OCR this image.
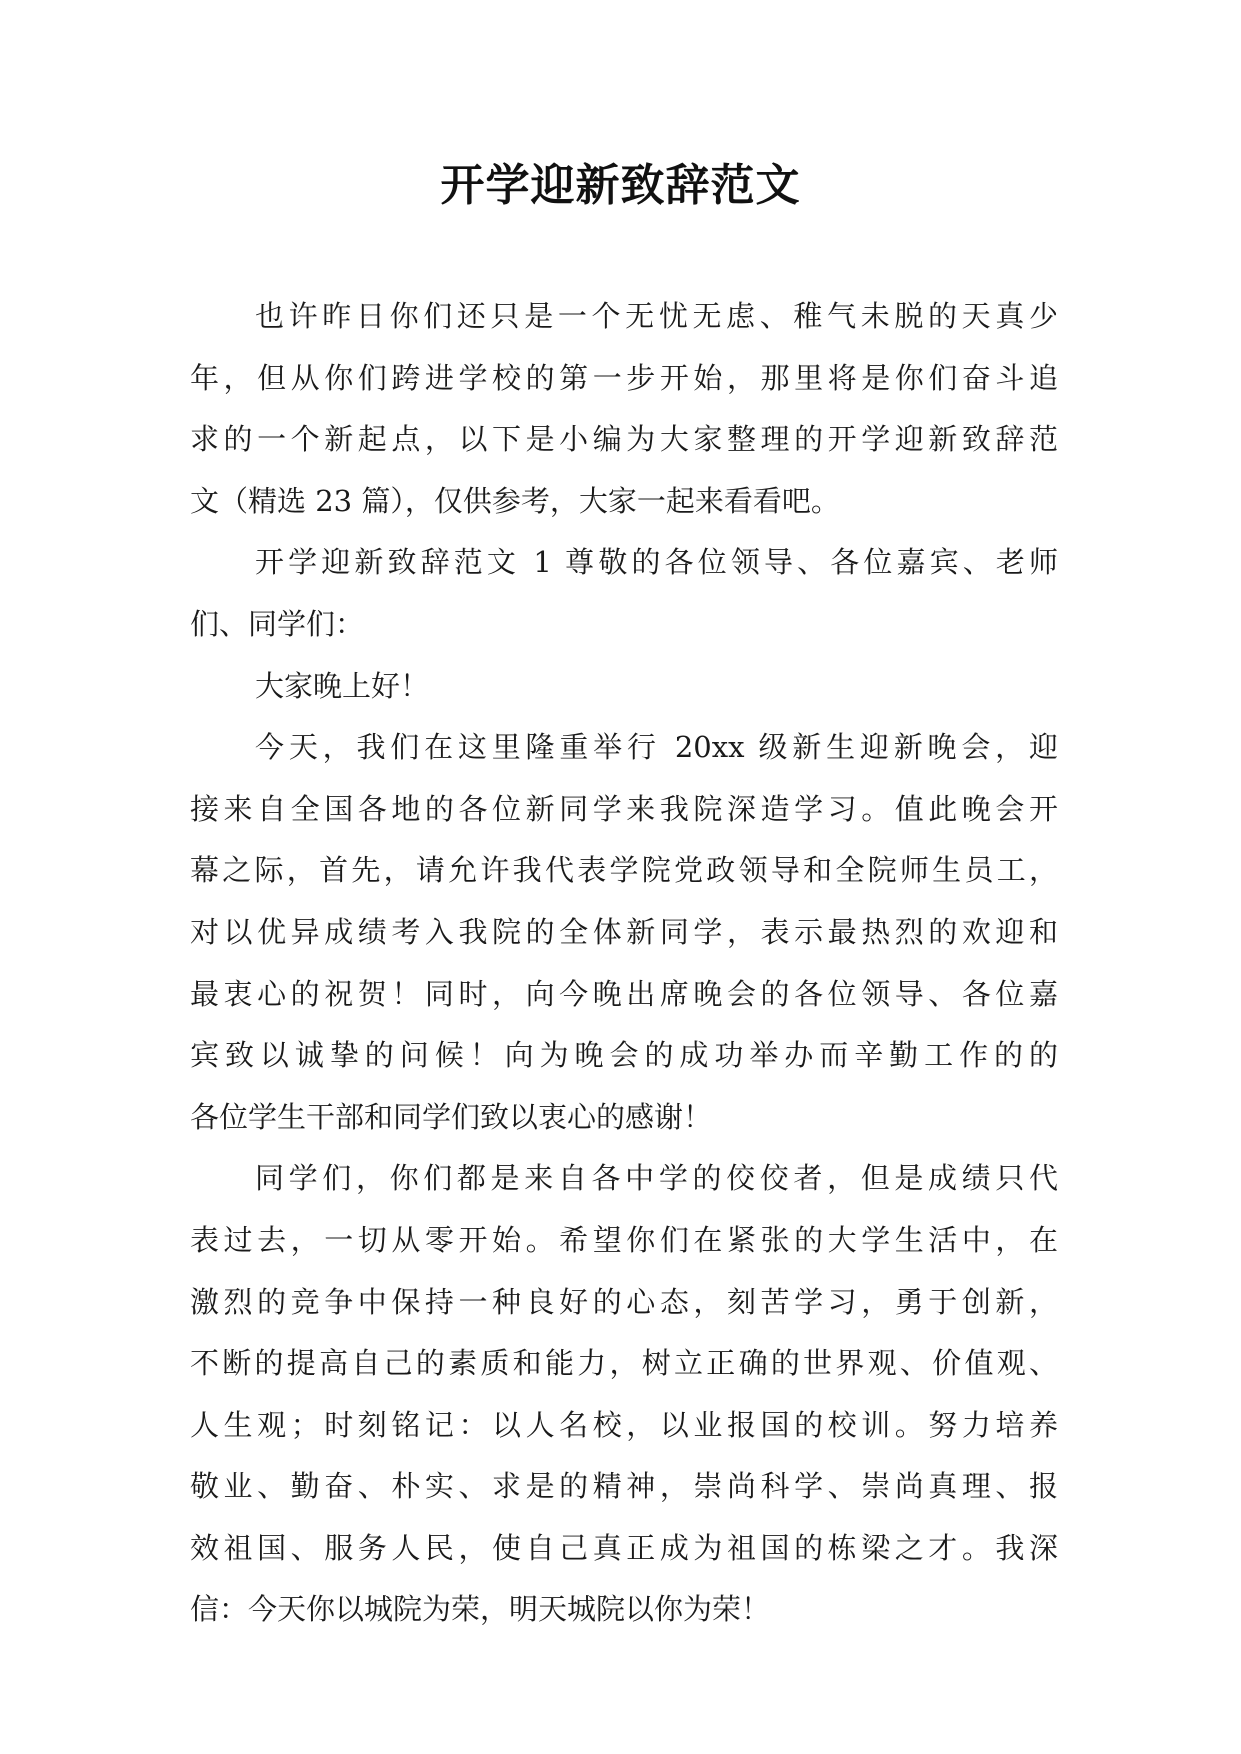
开学迎新致辞范文
也许昨日你们还只是一个无忧无虑、稚气未脱的天真少
年，但从你们跨进学校的第一步开始，那里将是你们奋斗追
求的一个新起点，以下是小编为大家整理的开学迎新致辞范
文（精选 23 篇），仅供参考，大家一起来看看吧。
开学迎新致辞范文 1 尊敬的各位领导、各位嘉宾、老师
们、同学们：
大家晚上好！
今天，我们在这里隆重举行 20xx 级新生迎新晚会，迎
接来自全国各地的各位新同学来我院深造学习。值此晚会开
幕之际，首先，请允许我代表学院党政领导和全院师生员工，
对以优异成绩考入我院的全体新同学，表示最热烈的欢迎和
最衷心的祝贺！同时，向今晚出席晚会的各位领导、各位嘉
宾致以诚挚的问候！向为晚会的成功举办而辛勤工作的的
各位学生干部和同学们致以衷心的感谢！
同学们，你们都是来自各中学的佼佼者，但是成绩只代
表过去，一切从零开始。希望你们在紧张的大学生活中，在
激烈的竞争中保持一种良好的心态，刻苦学习，勇于创新，
不断的提高自己的素质和能力，树立正确的世界观、价值观、
人生观；时刻铭记：以人名校，以业报国的校训。努力培养
敬业、勤奋、朴实、求是的精神，崇尚科学、崇尚真理、报
效祖国、服务人民，使自己真正成为祖国的栋梁之才。我深
信：今天你以城院为荣，明天城院以你为荣！
